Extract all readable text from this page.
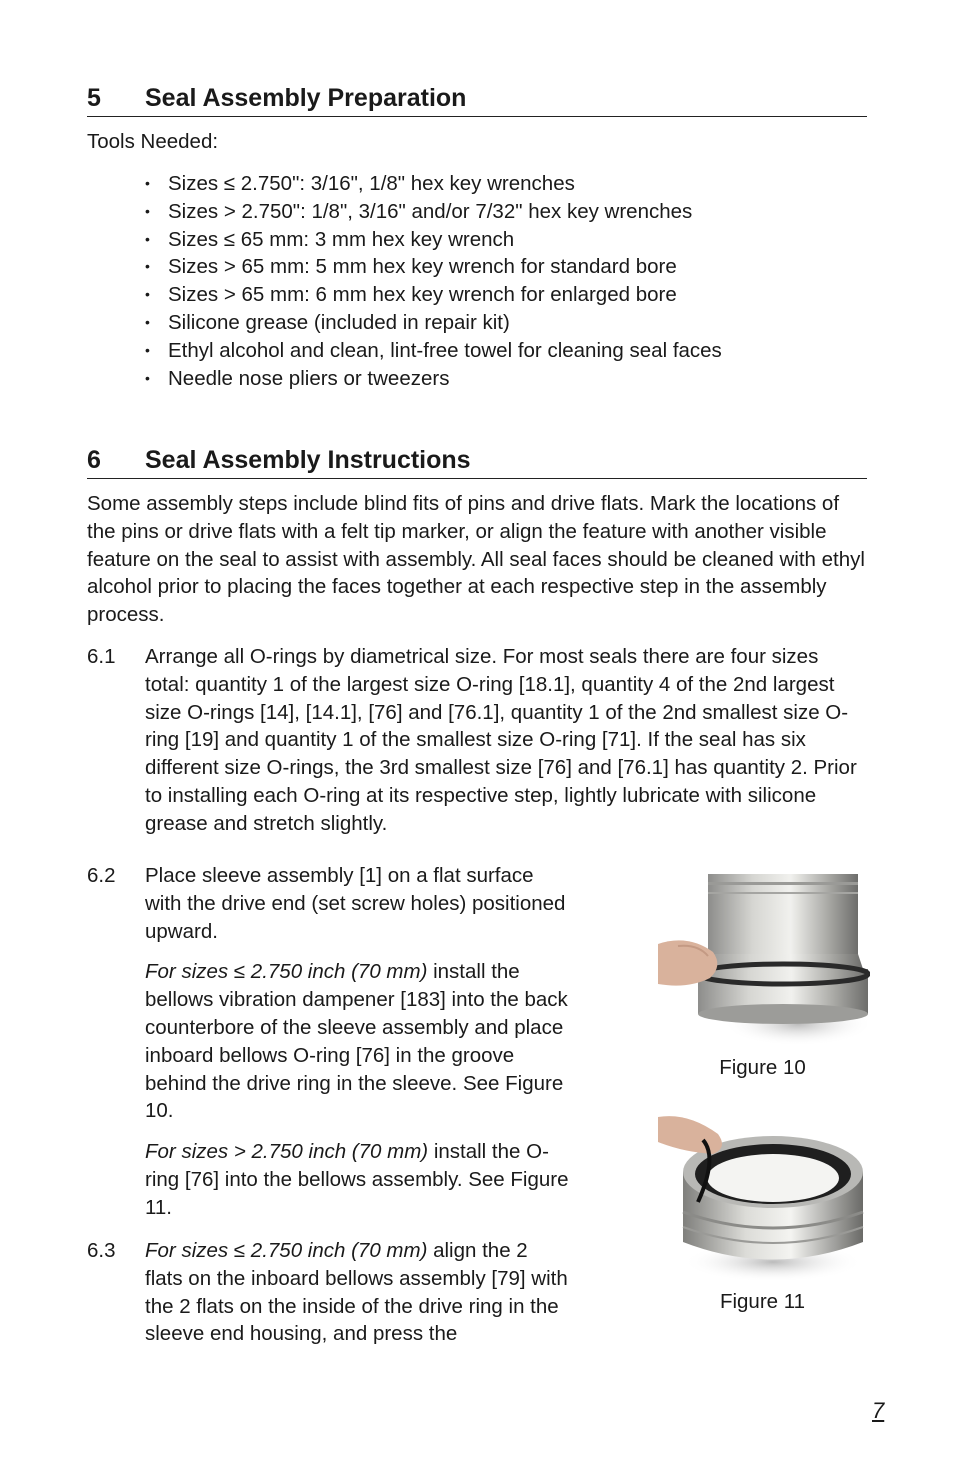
5 Seal Assembly Preparation

Tools Needed:

• Sizes ≤ 2.750": 3/16", 1/8" hex key wrenches
• Sizes > 2.750": 1/8", 3/16" and/or 7/32" hex key wrenches
• Sizes ≤ 65 mm: 3 mm hex key wrench
• Sizes > 65 mm: 5 mm hex key wrench for standard bore
• Sizes > 65 mm: 6 mm hex key wrench for enlarged bore
• Silicone grease (included in repair kit)
• Ethyl alcohol and clean, lint-free towel for cleaning seal faces
• Needle nose pliers or tweezers
6 Seal Assembly Instructions

Some assembly steps include blind fits of pins and drive flats. Mark the locations of the pins or drive flats with a felt tip marker, or align the feature with another visible feature on the seal to assist with assembly. All seal faces should be cleaned with ethyl alcohol prior to placing the faces together at each respective step in the assembly process.

6.1 Arrange all O-rings by diametrical size. For most seals there are four sizes total: quantity 1 of the largest size O-ring [18.1], quantity 4 of the 2nd largest size O-rings [14], [14.1], [76] and [76.1], quantity 1 of the 2nd smallest size O-ring [19] and quantity 1 of the smallest size O-ring [71]. If the seal has six different size O-rings, the 3rd smallest size [76] and [76.1] has quantity 2. Prior to installing each O-ring at its respective step, lightly lubricate with silicone grease and stretch slightly.
6.2 Place sleeve assembly [1] on a flat surface with the drive end (set screw holes) positioned upward.

For sizes ≤ 2.750 inch (70 mm) install the bellows vibration dampener [183] into the back counterbore of the sleeve assembly and place inboard bellows O-ring [76] in the groove behind the drive ring in the sleeve. See Figure 10.

For sizes > 2.750 inch (70 mm) install the O-ring [76] into the bellows assembly. See Figure 11.

6.3 For sizes ≤ 2.750 inch (70 mm) align the 2 flats on the inboard bellows assembly [79] with the 2 flats on the inside of the drive ring in the sleeve end housing, and press the

Figure 10
Figure 11
7
